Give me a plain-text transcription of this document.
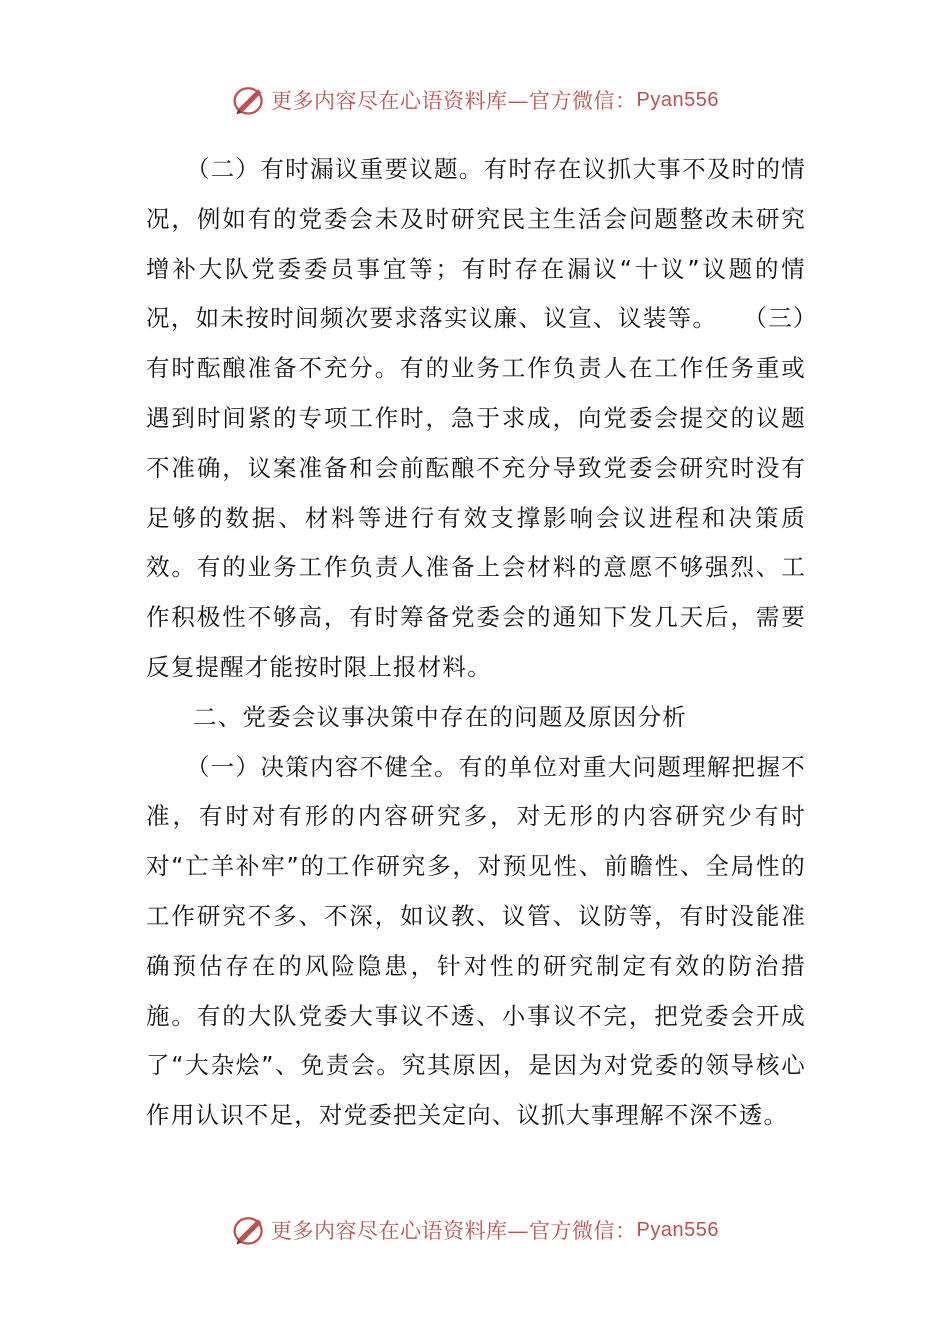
更多内容尽在心语资料库—官方微信： Pyan556

（二）有时漏议重要议题。有时存在议抓大事不及时的情况，例如有的党委会未及时研究民主生活会问题整改未研究增补大队党委委员事宜等；有时存在漏议“十议”议题的情况，如未按时间频次要求落实议廉、议宣、议装等。　　（三）有时酝酿准备不充分。有的业务工作负责人在工作任务重或遇到时间紧的专项工作时，急于求成，向党委会提交的议题不准确，议案准备和会前酝酿不充分导致党委会研究时没有足够的数据、材料等进行有效支撑影响会议进程和决策质效。有的业务工作负责人准备上会材料的意愿不够强烈、工作积极性不够高，有时筹备党委会的通知下发几天后，需要反复提醒才能按时限上报材料。

二、党委会议事决策中存在的问题及原因分析

（一）决策内容不健全。有的单位对重大问题理解把握不准，有时对有形的内容研究多，对无形的内容研究少有时对“亡羊补牢”的工作研究多，对预见性、前瞻性、全局性的工作研究不多、不深，如议教、议管、议防等，有时没能准确预估存在的风险隐患，针对性的研究制定有效的防治措施。有的大队党委大事议不透、小事议不完，把党委会开成了“大杂烩”、免责会。究其原因，是因为对党委的领导核心作用认识不足，对党委把关定向、议抓大事理解不深不透。

更多内容尽在心语资料库—官方微信： Pyan556
